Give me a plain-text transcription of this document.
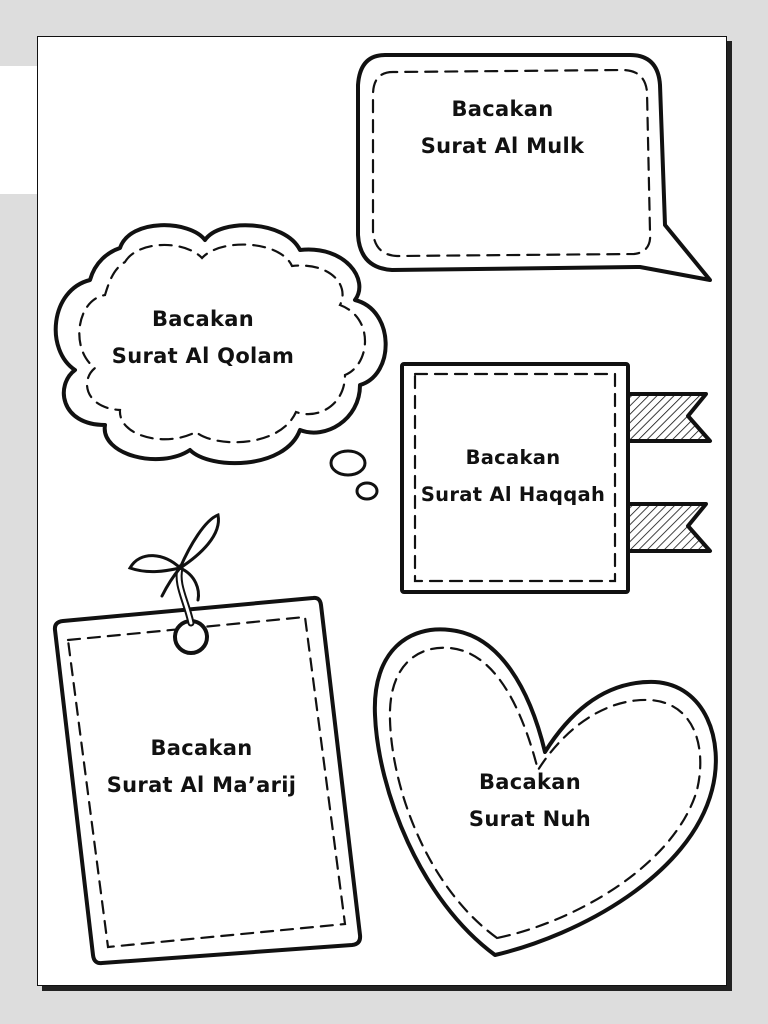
Bacakan
Surat Al Mulk
Bacakan
Surat Al Qolam
Bacakan
Surat Al Haqqah
Bacakan
Surat Al Ma’arij	Bacakan
Surat Nuh
